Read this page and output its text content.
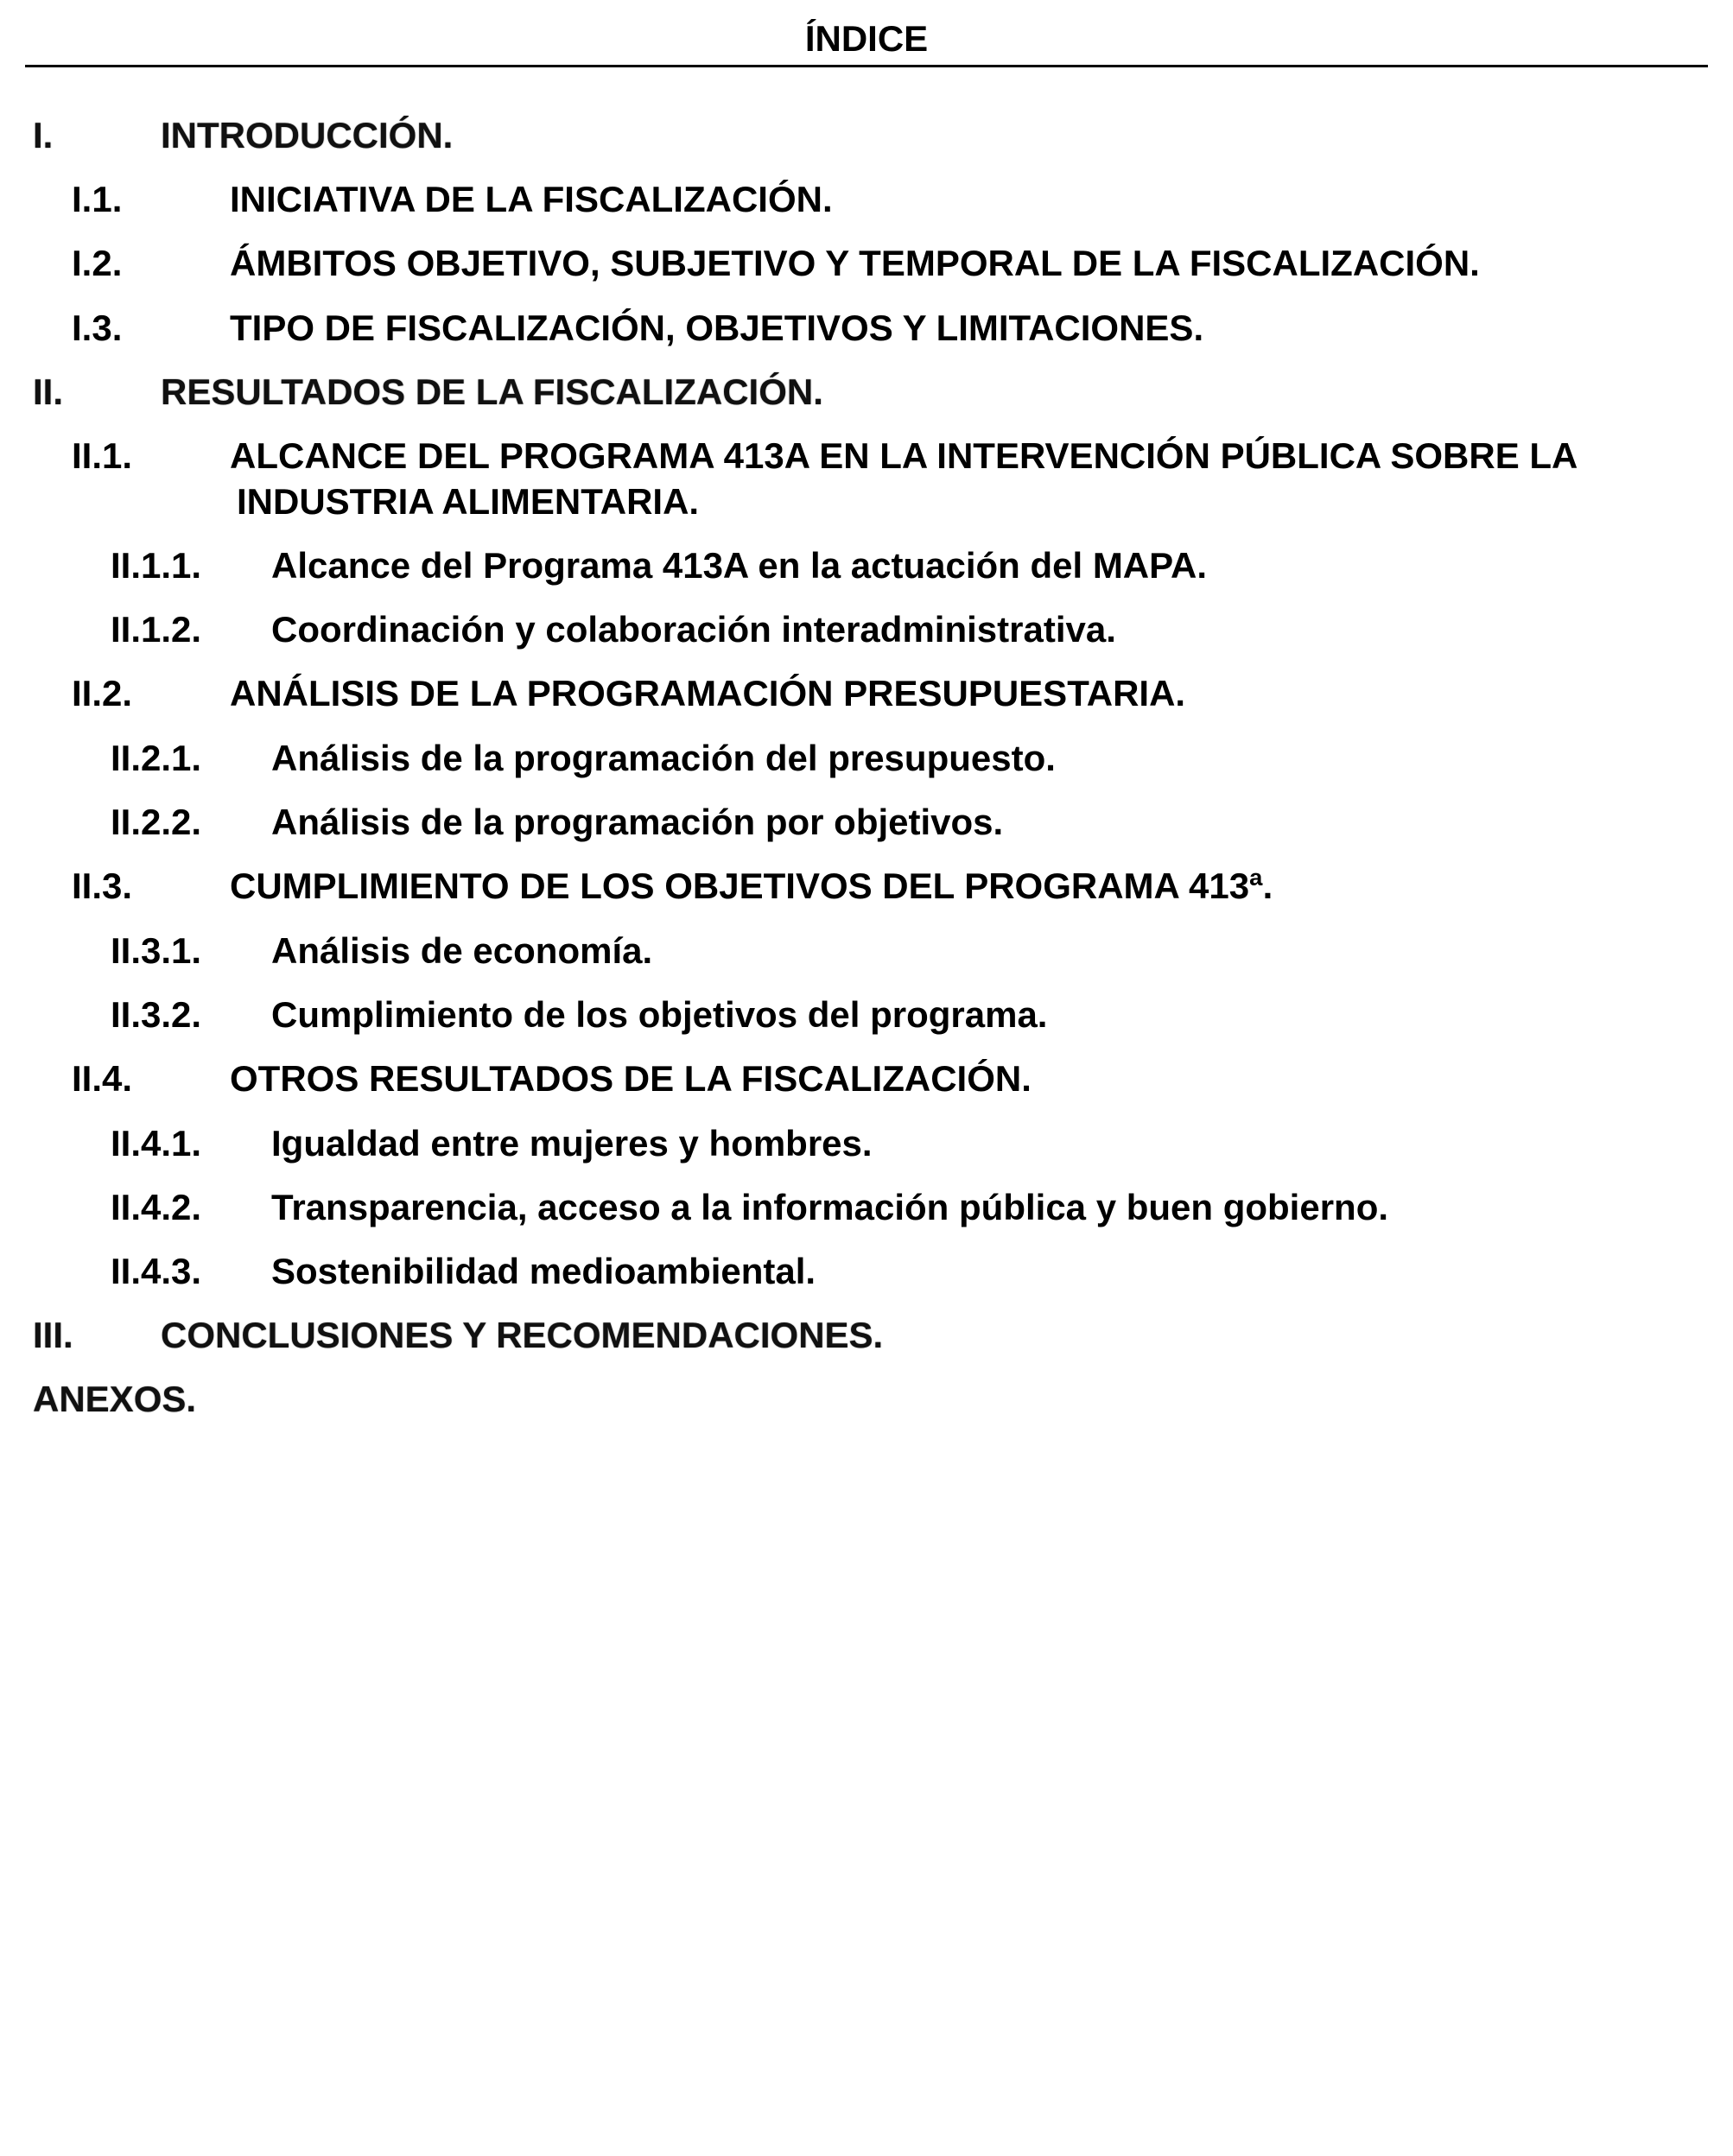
ÍNDICE
I.	INTRODUCCIÓN.
I.1.	INICIATIVA DE LA FISCALIZACIÓN.
I.2.	ÁMBITOS OBJETIVO, SUBJETIVO Y TEMPORAL DE LA FISCALIZACIÓN.
I.3.	TIPO DE FISCALIZACIÓN, OBJETIVOS Y LIMITACIONES.
II.	RESULTADOS DE LA FISCALIZACIÓN.
II.1.	ALCANCE DEL PROGRAMA 413A EN LA INTERVENCIÓN PÚBLICA SOBRE LA
INDUSTRIA ALIMENTARIA.
II.1.1. Alcance del Programa 413A en la actuación del MAPA.
II.1.2. Coordinación y colaboración interadministrativa.
II.2.	ANÁLISIS DE LA PROGRAMACIÓN PRESUPUESTARIA.
II.2.1. Análisis de la programación del presupuesto.
II.2.2. Análisis de la programación por objetivos.
II.3.	CUMPLIMIENTO DE LOS OBJETIVOS DEL PROGRAMA 413ª.
II.3.1. Análisis de economía.
II.3.2. Cumplimiento de los objetivos del programa.
II.4.	OTROS RESULTADOS DE LA FISCALIZACIÓN.
II.4.1. Igualdad entre mujeres y hombres.
II.4.2. Transparencia, acceso a la información pública y buen gobierno.
II.4.3. Sostenibilidad medioambiental.
III. CONCLUSIONES Y RECOMENDACIONES.
ANEXOS.
